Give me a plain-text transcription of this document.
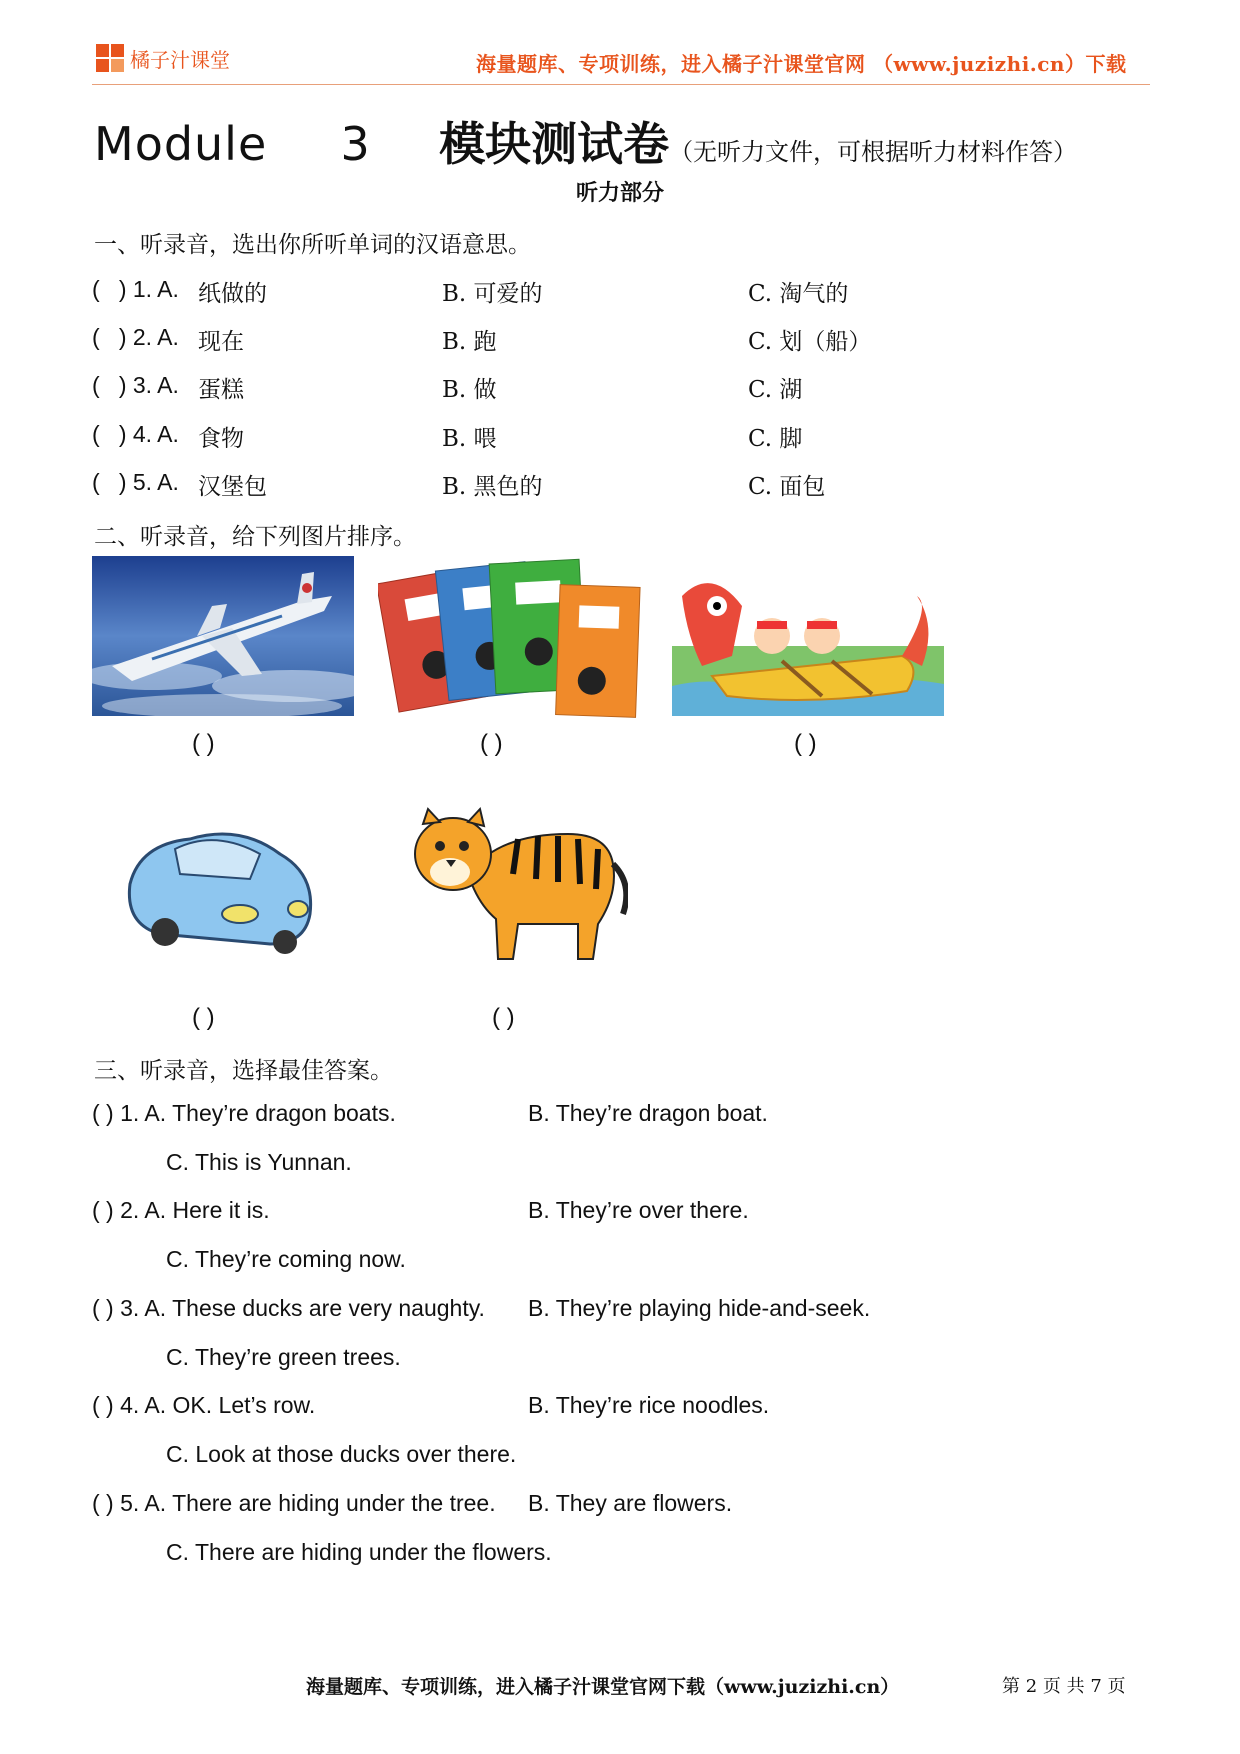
橘子汁课堂	海量题库、专项训练，进入橘子汁课堂官网 （www.juzizhi.cn）下载
Module 3 模块测试卷（无听力文件，可根据听力材料作答）
听力部分
一、听录音，选出你所听单词的汉语意思。
(   ) 1. A. 纸做的	B. 可爱的	C. 淘气的
(   ) 2. A. 现在	B. 跑	C. 划（船）
(   ) 3. A. 蛋糕	B. 做	C. 湖
(   ) 4. A. 食物	B. 喂	C. 脚
(   ) 5. A. 汉堡包	B. 黑色的	C. 面包
二、听录音，给下列图片排序。
( )	( )	( )
( )	( )
三、听录音，选择最佳答案。
( ) 1. A. They’re dragon boats.	B. They’re dragon boat.
C. This is Yunnan.
( ) 2. A. Here it is.	B. They’re over there.
C. They’re coming now.
( ) 3. A. These ducks are very naughty. B. They’re playing hide-and-seek.
C. They’re green trees.
( ) 4. A. OK. Let’s row.	B. They’re rice noodles.
C. Look at those ducks over there.
( ) 5. A. There are hiding under the tree. B. They are flowers.
C. There are hiding under the flowers.
海量题库、专项训练，进入橘子汁课堂官网下载（www.juzizhi.cn）	第 2 页 共 7 页
